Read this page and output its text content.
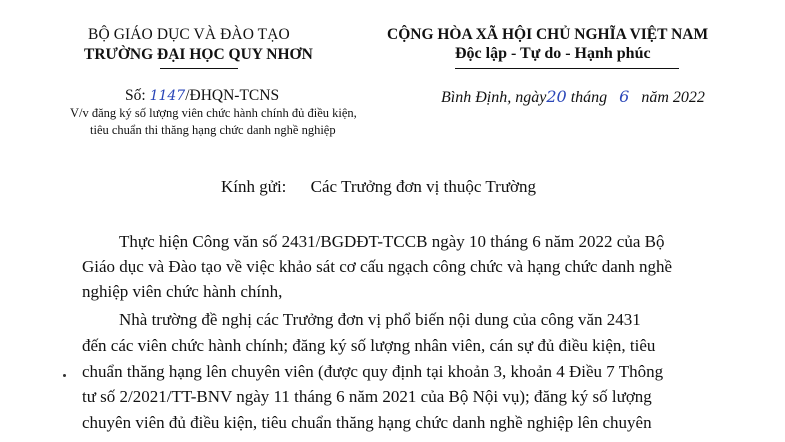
BỘ GIÁO DỤC VÀ ĐÀO TẠO
TRƯỜNG ĐẠI HỌC QUY NHƠN
CỘNG HÒA XÃ HỘI CHỦ NGHĨA VIỆT NAM
Độc lập - Tự do - Hạnh phúc
Số: 1147/ĐHQN-TCNS	Bình Định, ngày20 tháng 6 năm 2022
V/v đăng ký số lượng viên chức hành chính đủ điều kiện,
tiêu chuẩn thi thăng hạng chức danh nghề nghiệp
Kính gửi: Các Trưởng đơn vị thuộc Trường
Thực hiện Công văn số 2431/BGDĐT-TCCB ngày 10 tháng 6 năm 2022 của Bộ
Giáo dục và Đào tạo về việc khảo sát cơ cấu ngạch công chức và hạng chức danh nghề
nghiệp viên chức hành chính,
Nhà trường đề nghị các Trưởng đơn vị phổ biến nội dung của công văn 2431
đến các viên chức hành chính; đăng ký số lượng nhân viên, cán sự đủ điều kiện, tiêu
chuẩn thăng hạng lên chuyên viên (được quy định tại khoản 3, khoản 4 Điều 7 Thông
tư số 2/2021/TT-BNV ngày 11 tháng 6 năm 2021 của Bộ Nội vụ); đăng ký số lượng
chuyên viên đủ điều kiện, tiêu chuẩn thăng hạng chức danh nghề nghiệp lên chuyên
